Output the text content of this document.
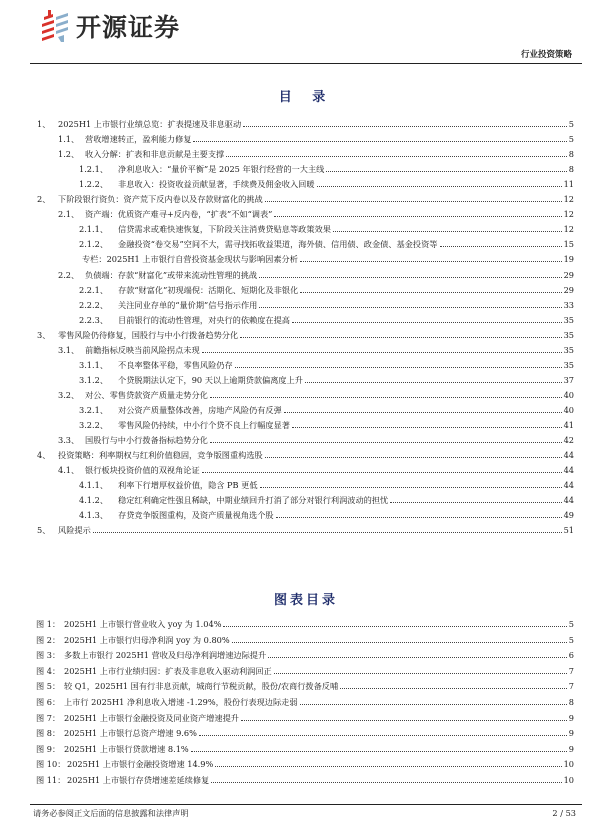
开源证券
行业投资策略
目 录
图表目录
请务必参阅正文后面的信息披露和法律声明	2 / 53
1、 2025H1 上市银行业绩总览：扩表提速及非息驱动	5
1.1、 营收增速转正，盈利能力修复	5
1.2、 收入分解：扩表和非息贡献是主要支撑	8
1.2.1、	净利息收入：“量价平衡”是 2025 年银行经营的一大主线	8
1.2.2、	非息收入：投资收益贡献显著，手续费及佣金收入回暖	11
2、 下阶段银行资负：资产荒下反内卷以及存款财富化的挑战	12
2.1、 资产端：优质资产难寻+反内卷，“扩表”不如“调表”	12
2.1.1、	信贷需求或难快速恢复，下阶段关注消费贷贴息等政策效果	12
2.1.2、	金融投资“卷交易”空间不大，需寻找拓收益渠道，海外债、信用债、政金债、基金投资等	15
专栏：2025H1 上市银行自营投资基金现状与影响因素分析	19
2.2、 负债端：存款“财富化”或带来流动性管理的挑战	29
2.2.1、	存款“财富化”初现端倪：活期化、短期化及非银化	29
2.2.2、	关注同业存单的“量价期”信号指示作用	33
2.2.3、	目前银行的流动性管理，对央行的依赖度在提高	35
3、 零售风险仍待修复，国股行与中小行拨备趋势分化	35
3.1、 前瞻指标反映当前风险拐点未现	35
3.1.1、	不良率整体平稳，零售风险仍存	35
3.1.2、	个贷脱期法认定下，90 天以上逾期贷款偏离度上升	37
3.2、 对公、零售贷款资产质量走势分化	40
3.2.1、	对公资产质量整体改善，房地产风险仍有反弹	40
3.2.2、	零售风险仍持续，中小行个贷不良上行幅度显著	41
3.3、 国股行与中小行拨备指标趋势分化	42
4、 投资策略：利率期权与红利价值稳固，竞争版图重构选股	44
4.1、 银行板块投资价值的双视角论证	44
4.1.1、	利率下行增厚权益价值，隐含 PB 更低	44
4.1.2、	稳定红利确定性强且稀缺，中期业绩回升打消了部分对银行利润波动的担忧	44
4.1.3、	存贷竞争版图重构，及资产质量视角选个股	49
5、 风险提示	51
图 1： 2025H1 上市银行营业收入 yoy 为 1.04%	5
图 2： 2025H1 上市银行归母净利润 yoy 为 0.80%	5
图 3： 多数上市银行 2025H1 营收及归母净利润增速边际提升	6
图 4： 2025H1 上市行业绩归因：扩表及非息收入驱动利润回正	7
图 5： 较 Q1，2025H1 国有行非息贡献，城商行节税贡献，股份/农商行拨备反哺	7
图 6： 上市行 2025H1 净利息收入增速 -1.29%，股份行表现边际走弱	8
图 7： 2025H1 上市银行金融投资及同业资产增速提升	9
图 8： 2025H1 上市银行总资产增速 9.6%	9
图 9： 2025H1 上市银行贷款增速 8.1%	9
图 10： 2025H1 上市银行金融投资增速 14.9%	10
图 11： 2025H1 上市银行存贷增速差延续修复	10
